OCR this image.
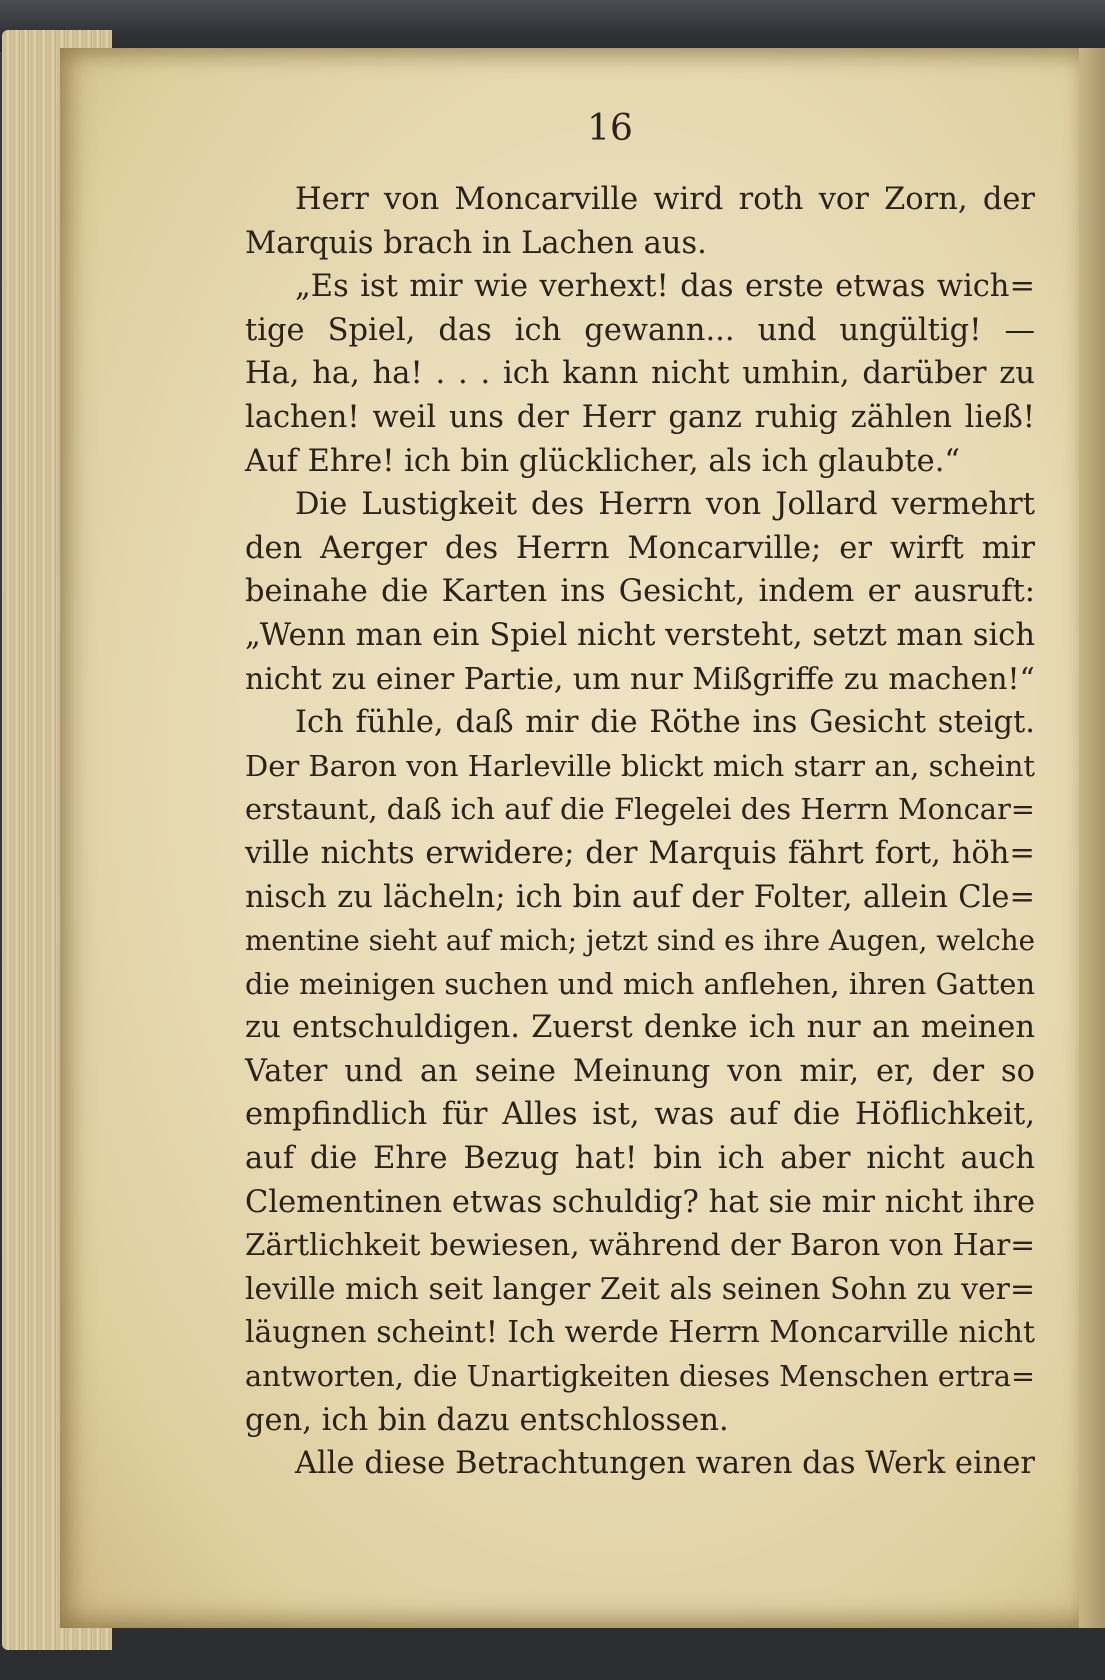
16
Herr von Moncarville wird roth vor Zorn, der
Marquis brach in Lachen aus.
„Es ist mir wie verhext! das erste etwas wich=
tige Spiel, das ich gewann... und ungültig! —
Ha, ha, ha! . . . ich kann nicht umhin, darüber zu
lachen! weil uns der Herr ganz ruhig zählen ließ!
Auf Ehre! ich bin glücklicher, als ich glaubte.“
Die Lustigkeit des Herrn von Jollard vermehrt
den Aerger des Herrn Moncarville; er wirft mir
beinahe die Karten ins Gesicht, indem er ausruft:
„Wenn man ein Spiel nicht versteht, setzt man sich
nicht zu einer Partie, um nur Mißgriffe zu machen!“
Ich fühle, daß mir die Röthe ins Gesicht steigt.
Der Baron von Harleville blickt mich starr an, scheint
erstaunt, daß ich auf die Flegelei des Herrn Moncar=
ville nichts erwidere; der Marquis fährt fort, höh=
nisch zu lächeln; ich bin auf der Folter, allein Cle=
mentine sieht auf mich; jetzt sind es ihre Augen, welche
die meinigen suchen und mich anflehen, ihren Gatten
zu entschuldigen. Zuerst denke ich nur an meinen
Vater und an seine Meinung von mir, er, der so
empfindlich für Alles ist, was auf die Höflichkeit,
auf die Ehre Bezug hat! bin ich aber nicht auch
Clementinen etwas schuldig? hat sie mir nicht ihre
Zärtlichkeit bewiesen, während der Baron von Har=
leville mich seit langer Zeit als seinen Sohn zu ver=
läugnen scheint! Ich werde Herrn Moncarville nicht
antworten, die Unartigkeiten dieses Menschen ertra=
gen, ich bin dazu entschlossen.
Alle diese Betrachtungen waren das Werk einer
